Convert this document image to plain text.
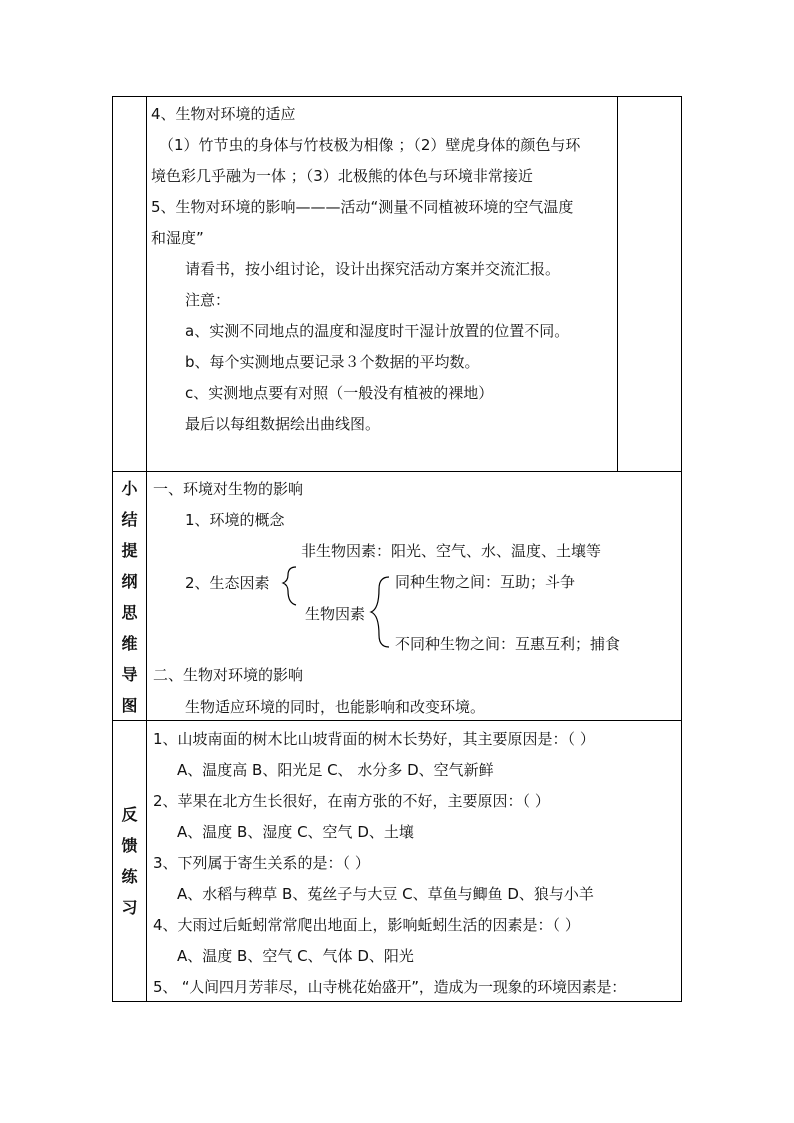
4、生物对环境的适应
（1）竹节虫的身体与竹枝极为相像 ；（2）壁虎身体的颜色与环
境色彩几乎融为一体 ；（3）北极熊的体色与环境非常接近
5、生物对环境的影响———活动“测量不同植被环境的空气温度
和湿度”
请看书，按小组讨论，设计出探究活动方案并交流汇报。
注意：
a、实测不同地点的温度和湿度时干湿计放置的位置不同。
b、每个实测地点要记录３个数据的平均数。
c、实测地点要有对照（一般没有植被的裸地）
最后以每组数据绘出曲线图。
小
结
提
纲
思
维
导
图
一、环境对生物的影响
1、环境的概念
非生物因素：阳光、空气、水、温度、土壤等
2、生态因素	同种生物之间：互助；斗争
生物因素
不同种生物之间：互惠互利；捕食
二、生物对环境的影响
生物适应环境的同时，也能影响和改变环境。
反
馈
练
习
1、山坡南面的树木比山坡背面的树木长势好，其主要原因是：（ ）
A、温度高 B、阳光足 C、 水分多 D、空气新鲜
2、苹果在北方生长很好，在南方张的不好，主要原因：（ ）
A、温度 B、湿度 C、空气 D、土壤
3、下列属于寄生关系的是：（ ）
A、水稻与稗草 B、菟丝子与大豆 C、草鱼与鲫鱼 D、狼与小羊
4、大雨过后蚯蚓常常爬出地面上，影响蚯蚓生活的因素是：（ ）
A、温度 B、空气 C、气体 D、阳光
5、 “人间四月芳菲尽，山寺桃花始盛开”，造成为一现象的环境因素是：
